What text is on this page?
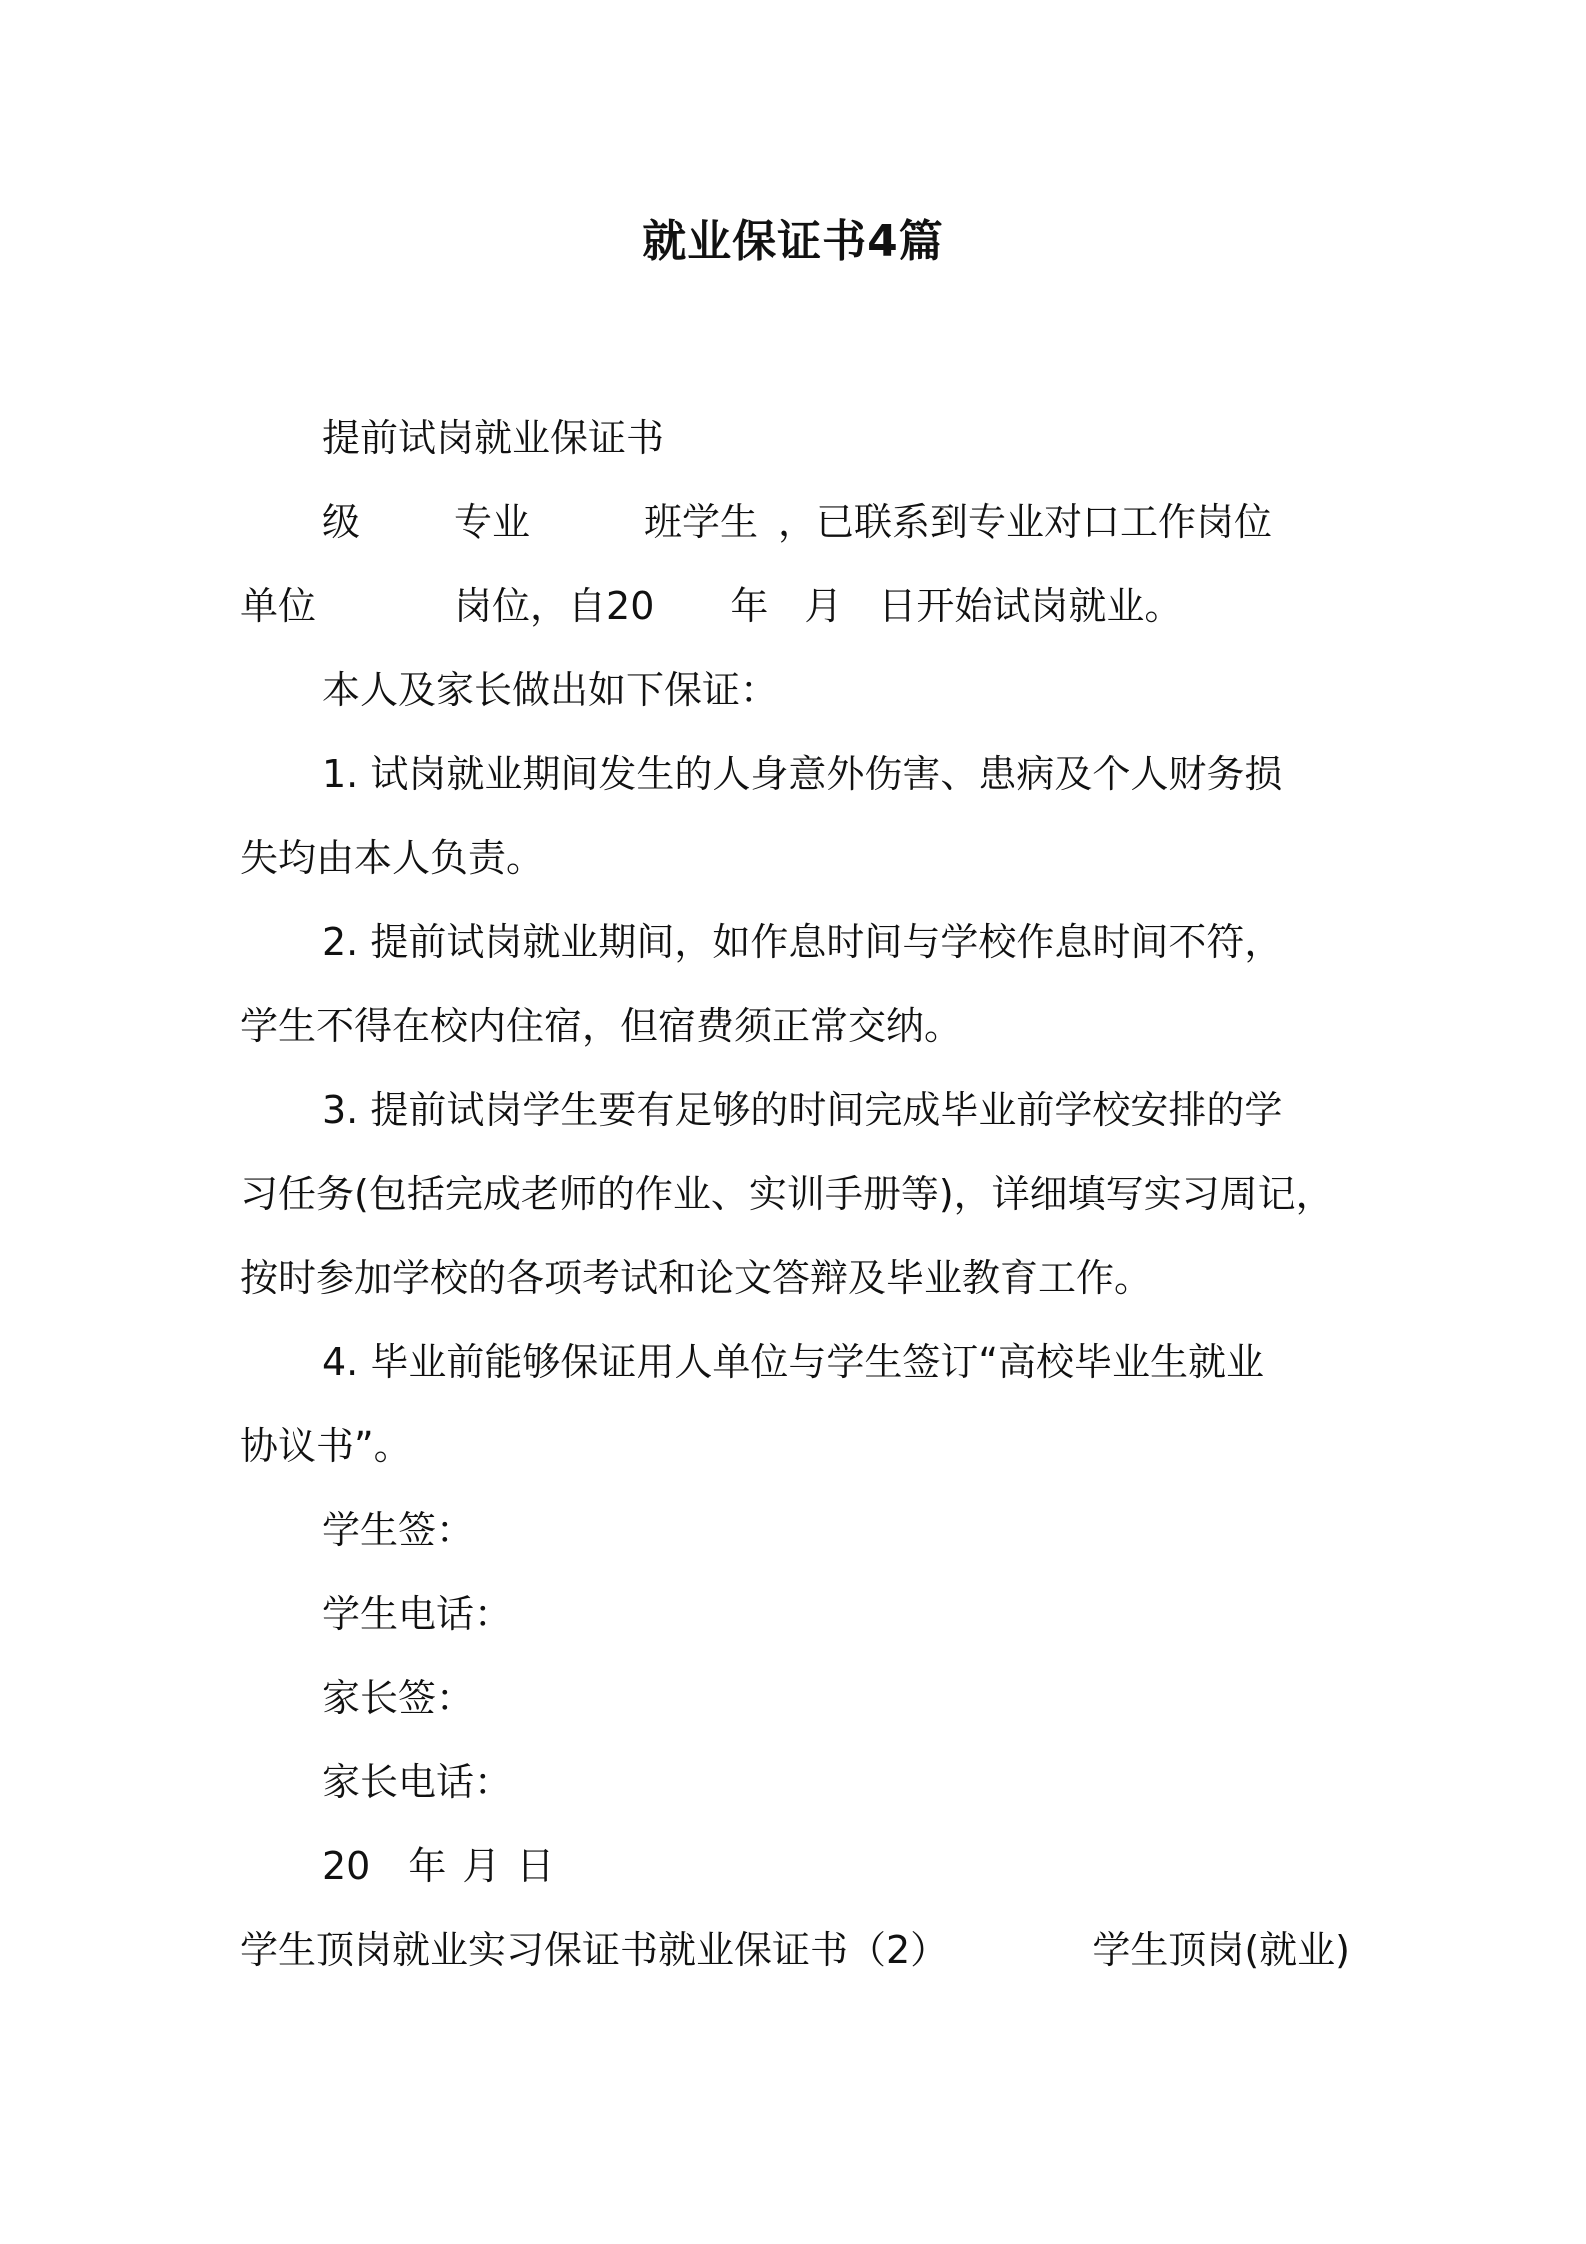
就业保证书4篇
提前试岗就业保证书
级 专业	班学生 ，已联系到专业对口工作岗位
单位	岗位，自20 年 月 日开始试岗就业。
本人及家长做出如下保证：
1. 试岗就业期间发生的人身意外伤害、患病及个人财务损
失均由本人负责。
2. 提前试岗就业期间，如作息时间与学校作息时间不符，
学生不得在校内住宿，但宿费须正常交纳。
3. 提前试岗学生要有足够的时间完成毕业前学校安排的学
习任务(包括完成老师的作业、实训手册等)，详细填写实习周记，
按时参加学校的各项考试和论文答辩及毕业教育工作。
4. 毕业前能够保证用人单位与学生签订“高校毕业生就业
协议书”。
学生签：
学生电话：
家长签：
家长电话：
20 年 月 日
学生顶岗就业实习保证书就业保证书（2）	学生顶岗(就业)
